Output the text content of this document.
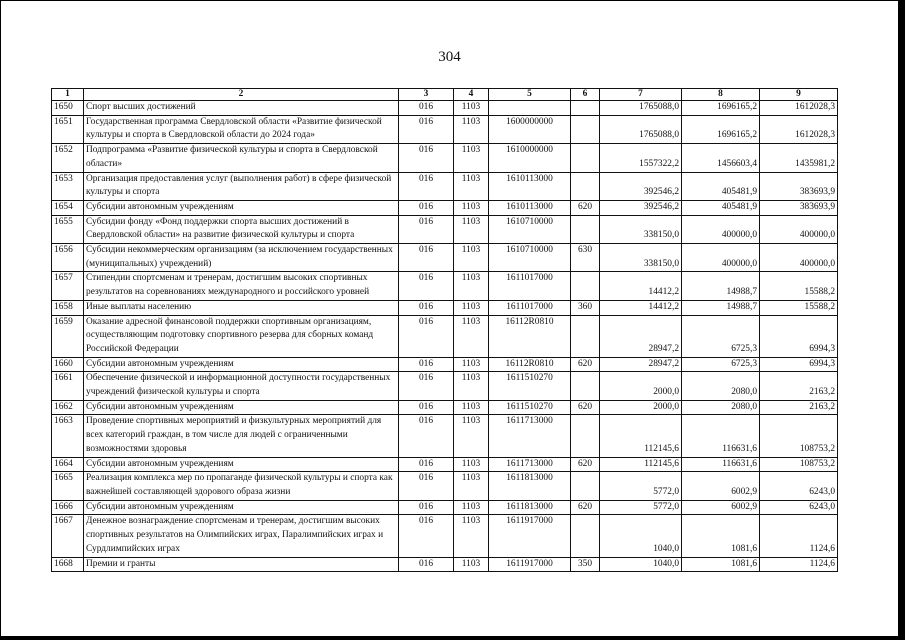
304
1	2	3	4	5	6	7	8	9
1650	Спорт высших достижений	016	1103			1765088,0	1696165,2	1612028,3
1651	Государственная программа Свердловской области «Развитие физической культуры и спорта в Свердловской области до 2024 года»	016	1103	1600000000		1765088,0	1696165,2	1612028,3
1652	Подпрограмма «Развитие физической культуры и спорта в Свердловской области»	016	1103	1610000000		1557322,2	1456603,4	1435981,2
1653	Организация предоставления услуг (выполнения работ) в сфере физической культуры и спорта	016	1103	1610113000		392546,2	405481,9	383693,9
1654	Субсидии автономным учреждениям	016	1103	1610113000	620	392546,2	405481,9	383693,9
1655	Субсидии фонду «Фонд поддержки спорта высших достижений в Свердловской области» на развитие физической культуры и спорта	016	1103	1610710000		338150,0	400000,0	400000,0
1656	Субсидии некоммерческим организациям (за исключением государственных (муниципальных) учреждений)	016	1103	1610710000	630	338150,0	400000,0	400000,0
1657	Стипендии спортсменам и тренерам, достигшим высоких спортивных результатов на соревнованиях международного и российского уровней	016	1103	1611017000		14412,2	14988,7	15588,2
1658	Иные выплаты населению	016	1103	1611017000	360	14412,2	14988,7	15588,2
1659	Оказание адресной финансовой поддержки спортивным организациям, осуществляющим подготовку спортивного резерва для сборных команд Российской Федерации	016	1103	16112R0810		28947,2	6725,3	6994,3
1660	Субсидии автономным учреждениям	016	1103	16112R0810	620	28947,2	6725,3	6994,3
1661	Обеспечение физической и информационной доступности государственных учреждений физической культуры и спорта	016	1103	1611510270		2000,0	2080,0	2163,2
1662	Субсидии автономным учреждениям	016	1103	1611510270	620	2000,0	2080,0	2163,2
1663	Проведение спортивных мероприятий и физкультурных мероприятий для всех категорий граждан, в том числе для людей с ограниченными возможностями здоровья	016	1103	1611713000		112145,6	116631,6	108753,2
1664	Субсидии автономным учреждениям	016	1103	1611713000	620	112145,6	116631,6	108753,2
1665	Реализация комплекса мер по пропаганде физической культуры и спорта как важнейшей составляющей здорового образа жизни	016	1103	1611813000		5772,0	6002,9	6243,0
1666	Субсидии автономным учреждениям	016	1103	1611813000	620	5772,0	6002,9	6243,0
1667	Денежное вознаграждение спортсменам и тренерам, достигшим высоких спортивных результатов на Олимпийских играх, Паралимпийских играх и Сурдлимпийских играх	016	1103	1611917000		1040,0	1081,6	1124,6
1668	Премии и гранты	016	1103	1611917000	350	1040,0	1081,6	1124,6
